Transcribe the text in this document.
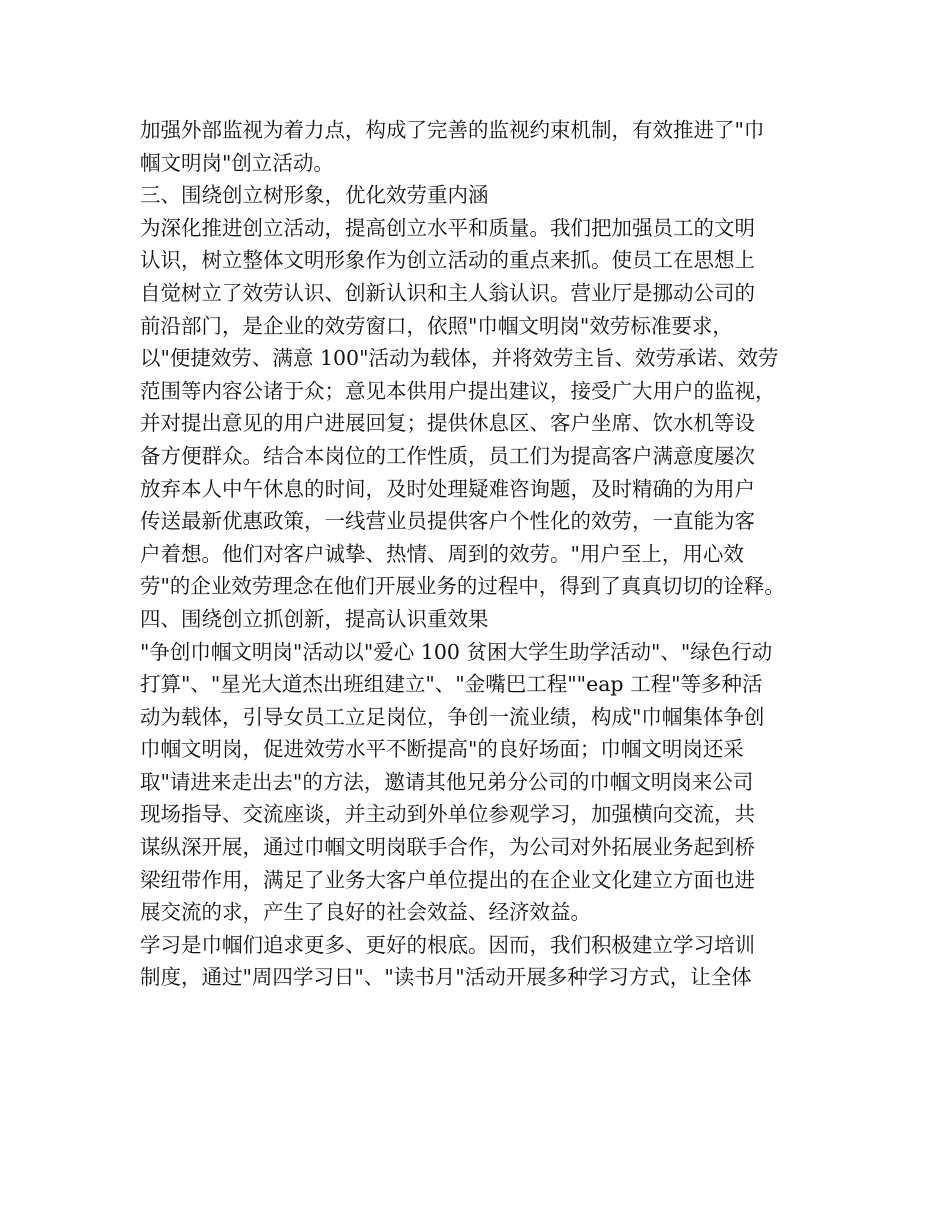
加强外部监视为着力点，构成了完善的监视约束机制，有效推进了"巾
帼文明岗"创立活动。
三、围绕创立树形象，优化效劳重内涵
为深化推进创立活动，提高创立水平和质量。我们把加强员工的文明
认识，树立整体文明形象作为创立活动的重点来抓。使员工在思想上
自觉树立了效劳认识、创新认识和主人翁认识。营业厅是挪动公司的
前沿部门，是企业的效劳窗口，依照"巾帼文明岗"效劳标准要求，
以"便捷效劳、满意 100"活动为载体，并将效劳主旨、效劳承诺、效劳
范围等内容公诸于众；意见本供用户提出建议，接受广大用户的监视，
并对提出意见的用户进展回复；提供休息区、客户坐席、饮水机等设
备方便群众。结合本岗位的工作性质，员工们为提高客户满意度屡次
放弃本人中午休息的时间，及时处理疑难咨询题，及时精确的为用户
传送最新优惠政策，一线营业员提供客户个性化的效劳，一直能为客
户着想。他们对客户诚挚、热情、周到的效劳。"用户至上，用心效
劳"的企业效劳理念在他们开展业务的过程中，得到了真真切切的诠释。
四、围绕创立抓创新，提高认识重效果
"争创巾帼文明岗"活动以"爱心 100 贫困大学生助学活动"、"绿色行动
打算"、"星光大道杰出班组建立"、"金嘴巴工程""eap 工程"等多种活
动为载体，引导女员工立足岗位，争创一流业绩，构成"巾帼集体争创
巾帼文明岗，促进效劳水平不断提高"的良好场面；巾帼文明岗还采
取"请进来走出去"的方法，邀请其他兄弟分公司的巾帼文明岗来公司
现场指导、交流座谈，并主动到外单位参观学习，加强横向交流，共
谋纵深开展，通过巾帼文明岗联手合作，为公司对外拓展业务起到桥
梁纽带作用，满足了业务大客户单位提出的在企业文化建立方面也进
展交流的求，产生了良好的社会效益、经济效益。
学习是巾帼们追求更多、更好的根底。因而，我们积极建立学习培训
制度，通过"周四学习日"、"读书月"活动开展多种学习方式，让全体
